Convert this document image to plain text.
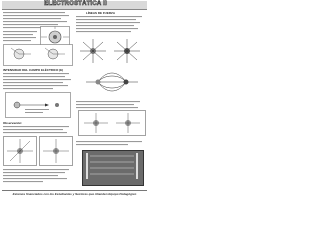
ELECTROSTÁTICA II
INTENSIDAD DEL CAMPO ELÉCTRICO (E)
Observación:
LÍNEAS DE FUERZA
Estamos financiados con los Estudiantes y Sectores que Atienden Equipo Pedagógico
